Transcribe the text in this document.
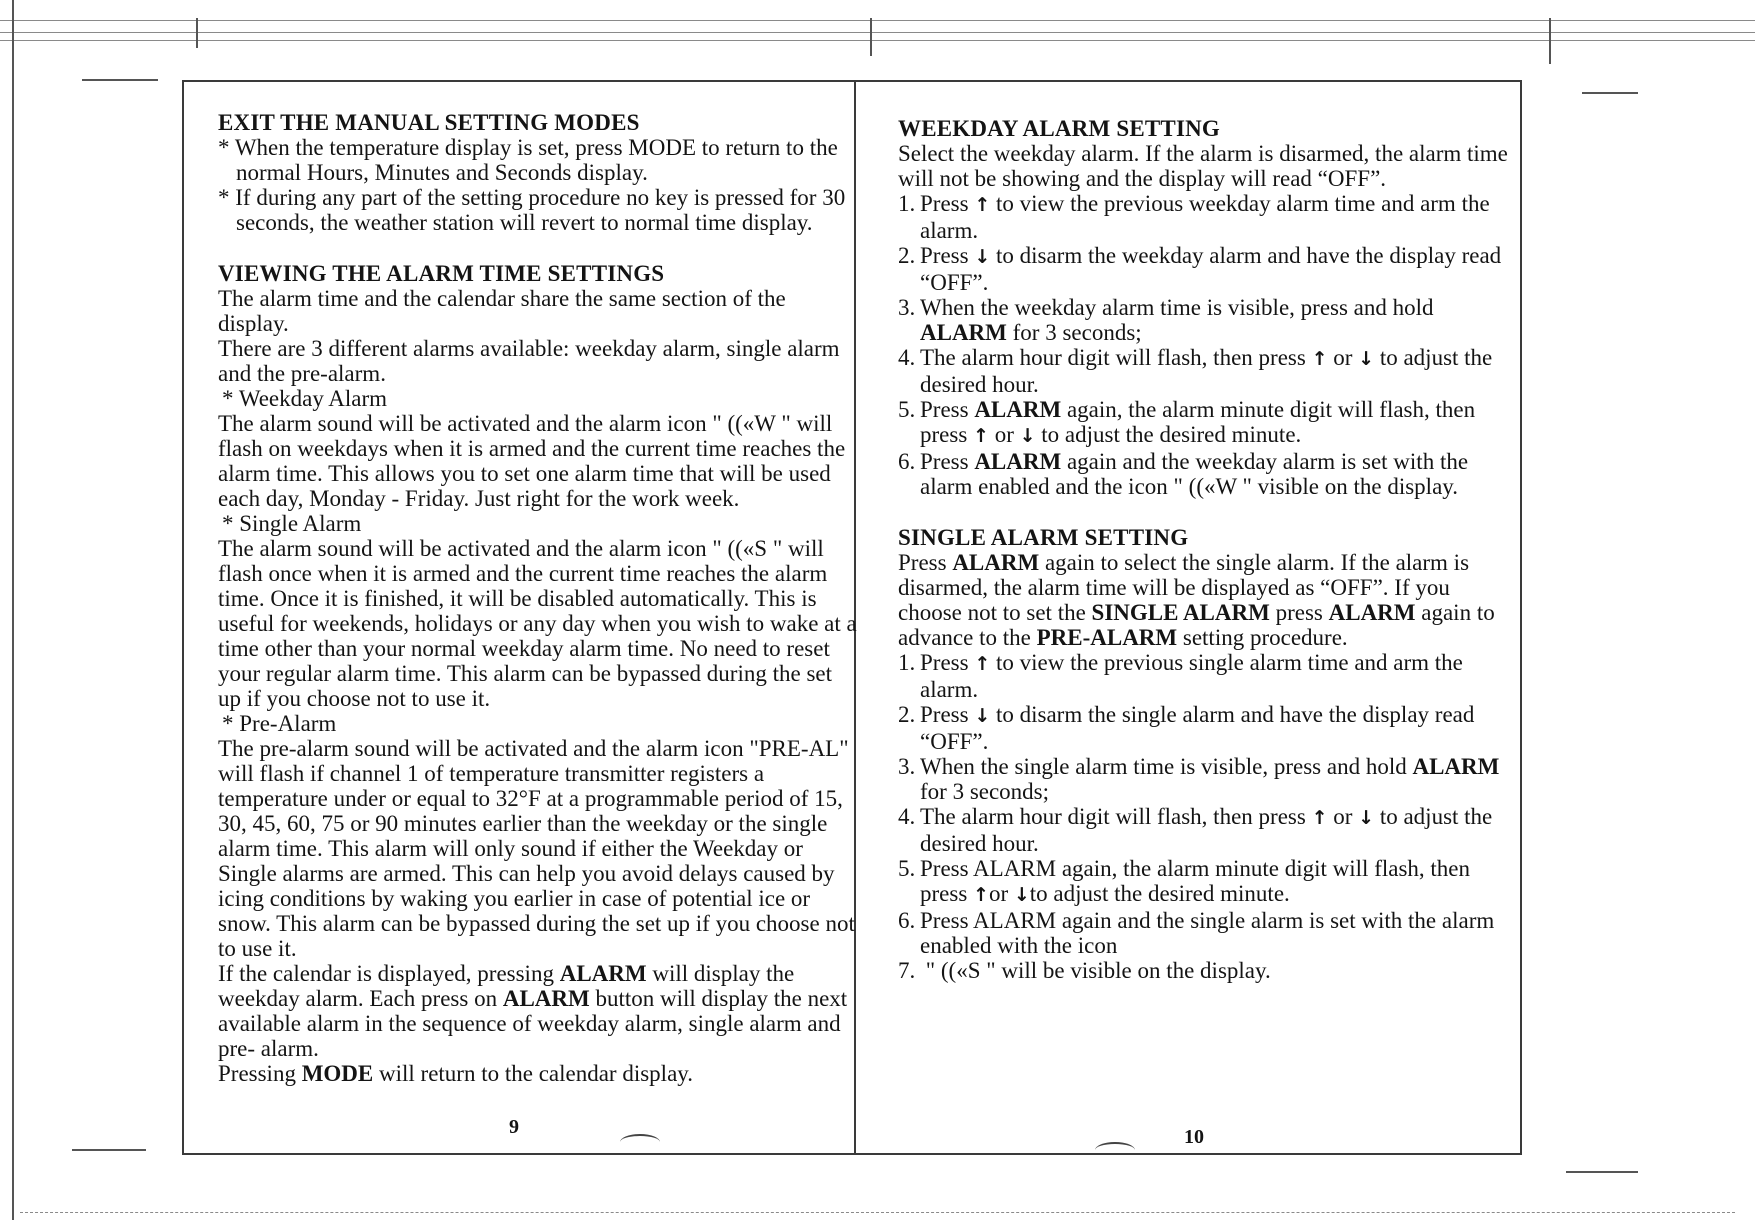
EXIT THE MANUAL SETTING MODES

* When the temperature display is set, press MODE to return to the normal Hours, Minutes and Seconds display.

* If during any part of the setting procedure no key is pressed for 30 seconds, the weather station will revert to normal time display.

VIEWING THE ALARM TIME SETTINGS

The alarm time and the calendar share the same section of the display.

There are 3 different alarms available: weekday alarm, single alarm and the pre-alarm.

* Weekday Alarm

The alarm sound will be activated and the alarm icon " ((«W " will flash on weekdays when it is armed and the current time reaches the alarm time. This allows you to set one alarm time that will be used each day, Monday - Friday. Just right for the work week.

* Single Alarm

The alarm sound will be activated and the alarm icon " ((«S " will flash once when it is armed and the current time reaches the alarm time. Once it is finished, it will be disabled automatically. This is useful for weekends, holidays or any day when you wish to wake at a time other than your normal weekday alarm time. No need to reset your regular alarm time. This alarm can be bypassed during the set up if you choose not to use it.

* Pre-Alarm

The pre-alarm sound will be activated and the alarm icon "PRE-AL" will flash if channel 1 of temperature transmitter registers a temperature under or equal to 32°F at a programmable period of 15, 30, 45, 60, 75 or 90 minutes earlier than the weekday or the single alarm time. This alarm will only sound if either the Weekday or Single alarms are armed. This can help you avoid delays caused by icing conditions by waking you earlier in case of potential ice or snow. This alarm can be bypassed during the set up if you choose not to use it.

If the calendar is displayed, pressing ALARM will display the weekday alarm. Each press on ALARM button will display the next available alarm in the sequence of weekday alarm, single alarm and pre- alarm.

Pressing MODE will return to the calendar display.

9

WEEKDAY ALARM SETTING

Select the weekday alarm. If the alarm is disarmed, the alarm time will not be showing and the display will read “OFF”.

1. Press ↑ to view the previous weekday alarm time and arm the alarm.
2. Press ↓ to disarm the weekday alarm and have the display read “OFF”.
3. When the weekday alarm time is visible, press and hold ALARM for 3 seconds;
4. The alarm hour digit will flash, then press ↑ or ↓ to adjust the desired hour.
5. Press ALARM again, the alarm minute digit will flash, then press ↑ or ↓ to adjust the desired minute.
6. Press ALARM again and the weekday alarm is set with the alarm enabled and the icon " ((«W " visible on the display.

SINGLE ALARM SETTING

Press ALARM again to select the single alarm. If the alarm is disarmed, the alarm time will be displayed as “OFF”. If you choose not to set the SINGLE ALARM press ALARM again to advance to the PRE-ALARM setting procedure.

1. Press ↑ to view the previous single alarm time and arm the alarm.
2. Press ↓ to disarm the single alarm and have the display read “OFF”.
3. When the single alarm time is visible, press and hold ALARM for 3 seconds;
4. The alarm hour digit will flash, then press ↑ or ↓ to adjust the desired hour.
5. Press ALARM again, the alarm minute digit will flash, then press ↑or ↓to adjust the desired minute.
6. Press ALARM again and the single alarm is set with the alarm enabled with the icon
7. " ((«S " will be visible on the display.
10
